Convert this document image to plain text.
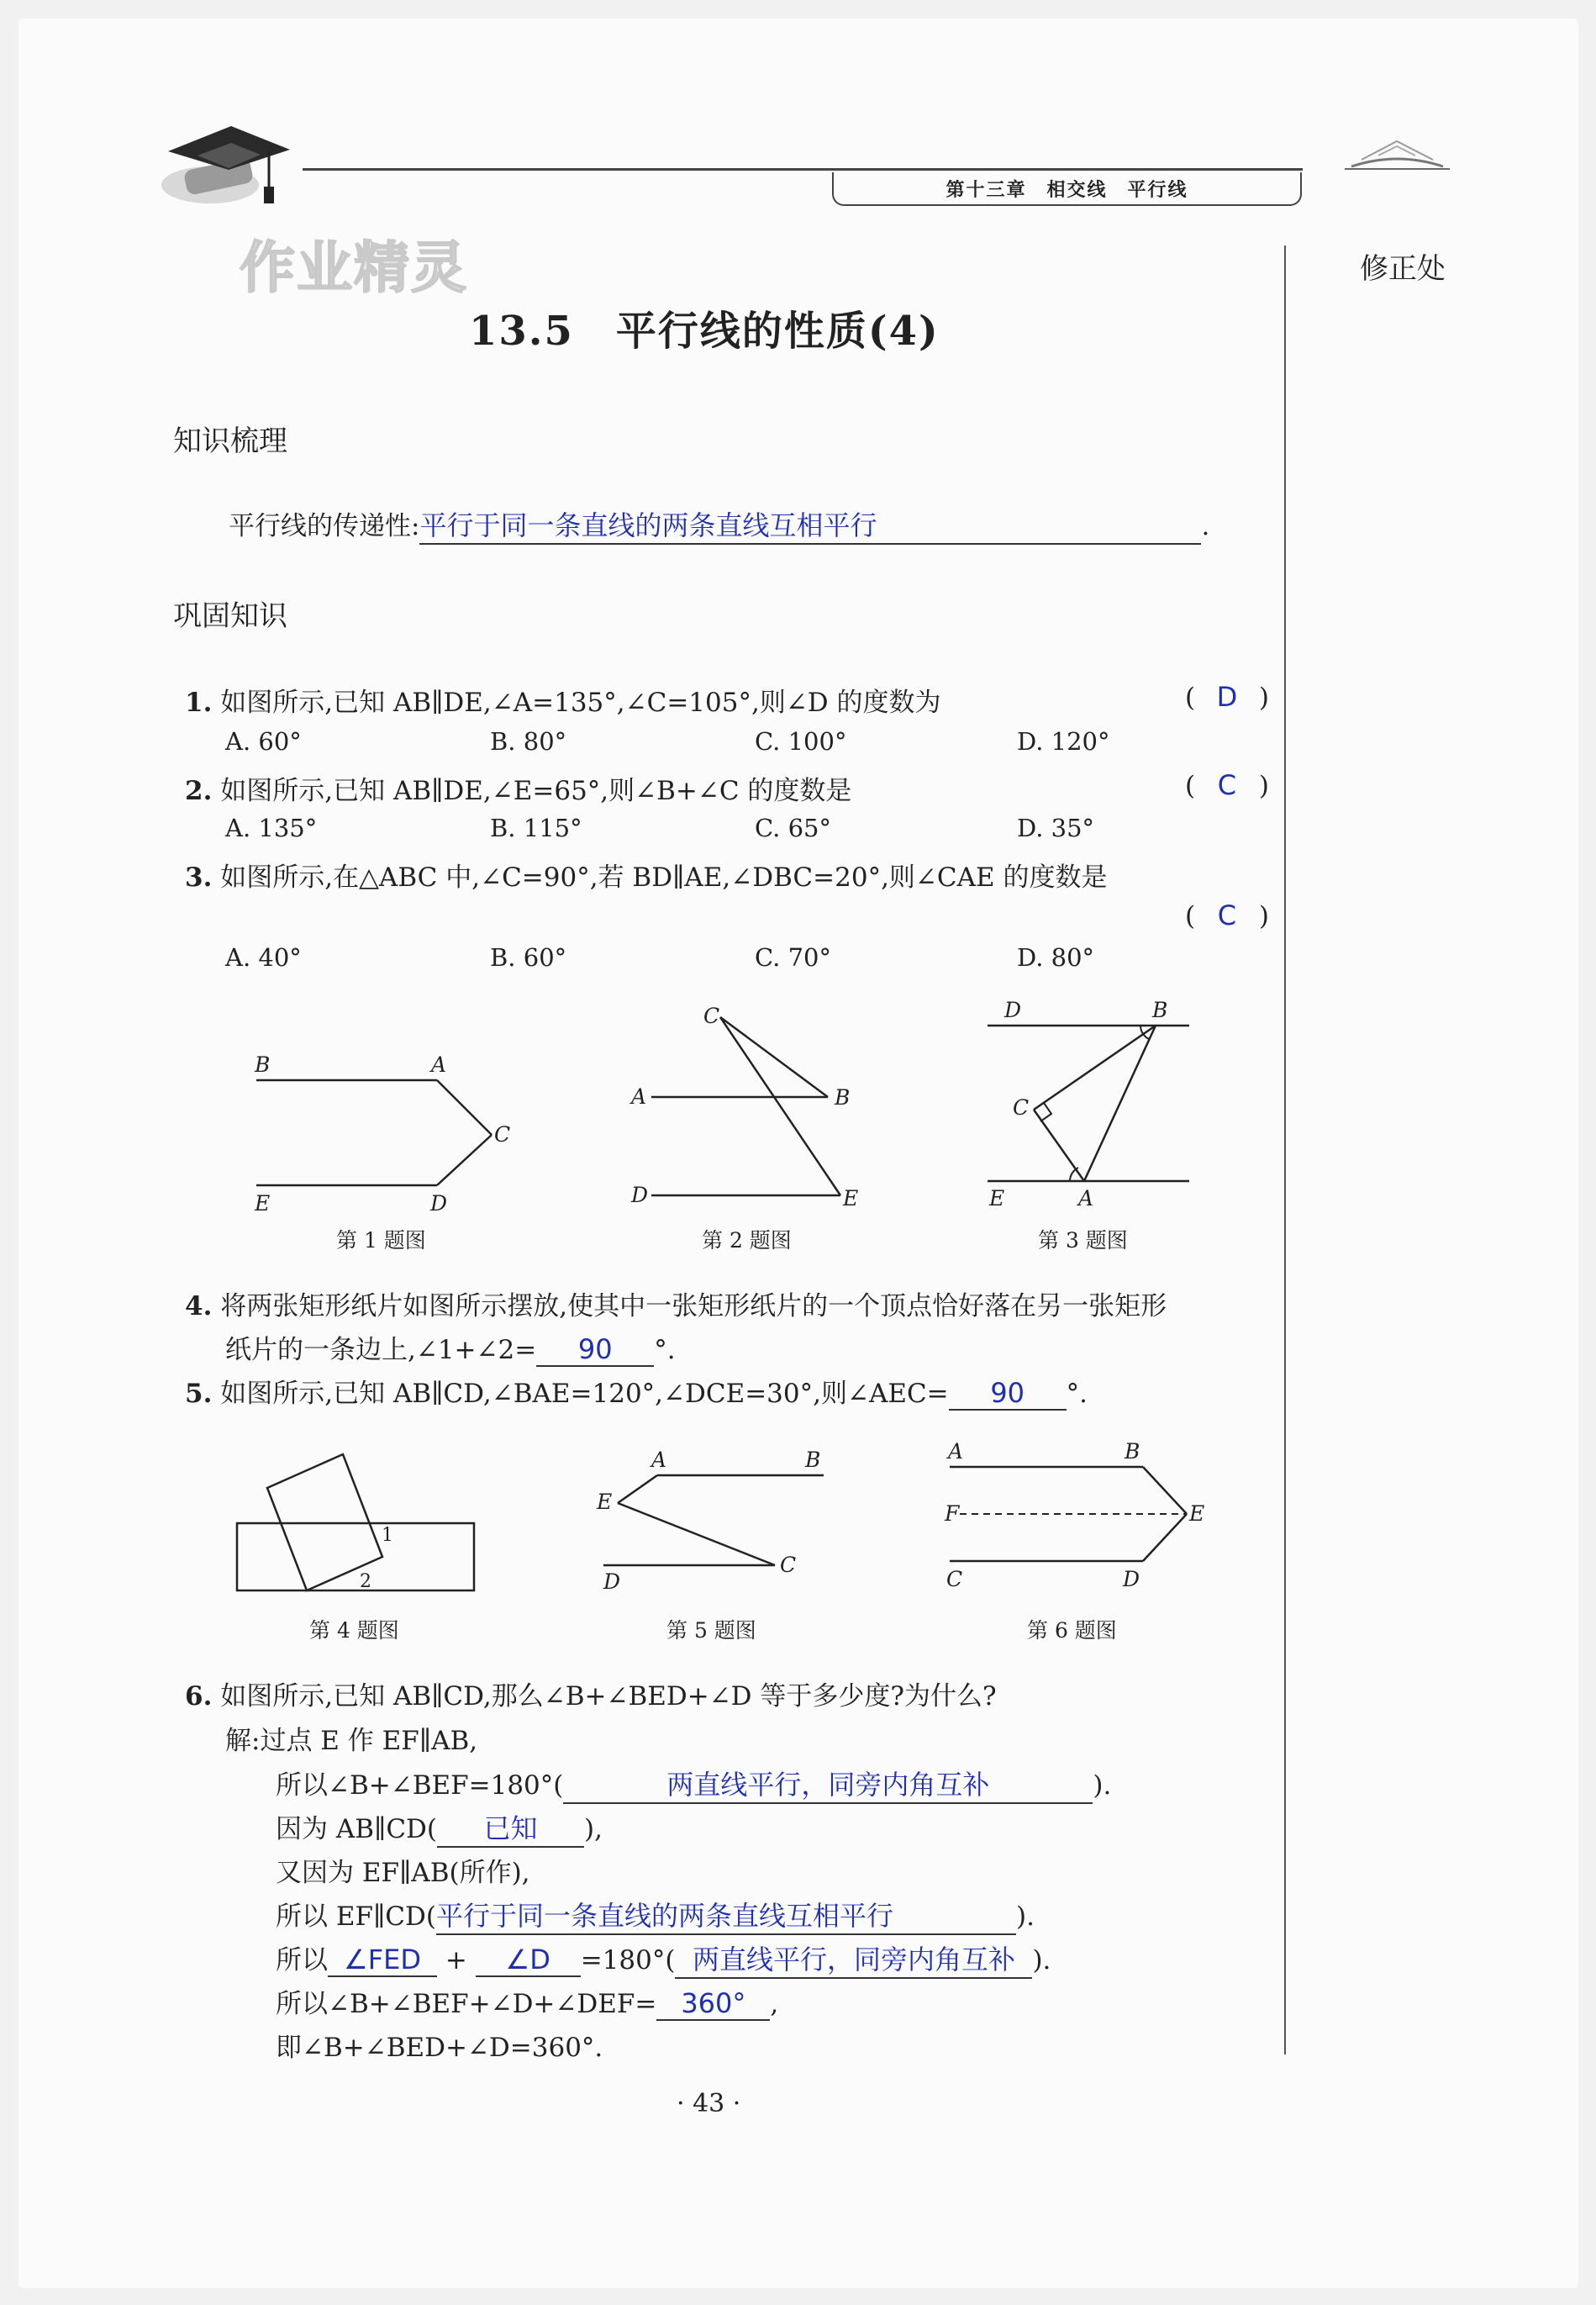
第十三章　相交线　平行线
作业精灵	修正处
13.5　平行线的性质(4)
知识梳理
平行线的传递性:平行于同一条直线的两条直线互相平行	.
巩固知识
1. 如图所示,已知 AB∥DE,∠A=135°,∠C=105°,则∠D 的度数为	( D )
A. 60°	B. 80°	C. 100°	D. 120°
2. 如图所示,已知 AB∥DE,∠E=65°,则∠B+∠C 的度数是	( C )
A. 135°	B. 115°	C. 65°	D. 35°
3. 如图所示,在△ABC 中,∠C=90°,若 BD∥AE,∠DBC=20°,则∠CAE 的度数是
( C )
A. 40°	B. 60°	C. 70°	D. 80°
B	A
C
E	D
C
A	B
D	E
D	B
C
E	A
第 1 题图	第 2 题图	第 3 题图
4. 将两张矩形纸片如图所示摆放,使其中一张矩形纸片的一个顶点恰好落在另一张矩形
纸片的一条边上,∠1+∠2= 90 °.
5. 如图所示,已知 AB∥CD,∠BAE=120°,∠DCE=30°,则∠AEC= 90 °.
1
2
A	B
E
C
D
A	B
F	E
C	D
第 4 题图	第 5 题图	第 6 题图
6. 如图所示,已知 AB∥CD,那么∠B+∠BED+∠D 等于多少度?为什么?
解:过点 E 作 EF∥AB,
所以∠B+∠BEF=180°(	两直线平行，同旁内角互补	).
因为 AB∥CD( 已知 ),
又因为 EF∥AB(所作),
所以 EF∥CD(平行于同一条直线的两条直线互相平行	).
所以 ∠FED + ∠D =180°( 两直线平行，同旁内角互补 ).
所以∠B+∠BEF+∠D+∠DEF= 360° ,
即∠B+∠BED+∠D=360°.
· 43 ·
